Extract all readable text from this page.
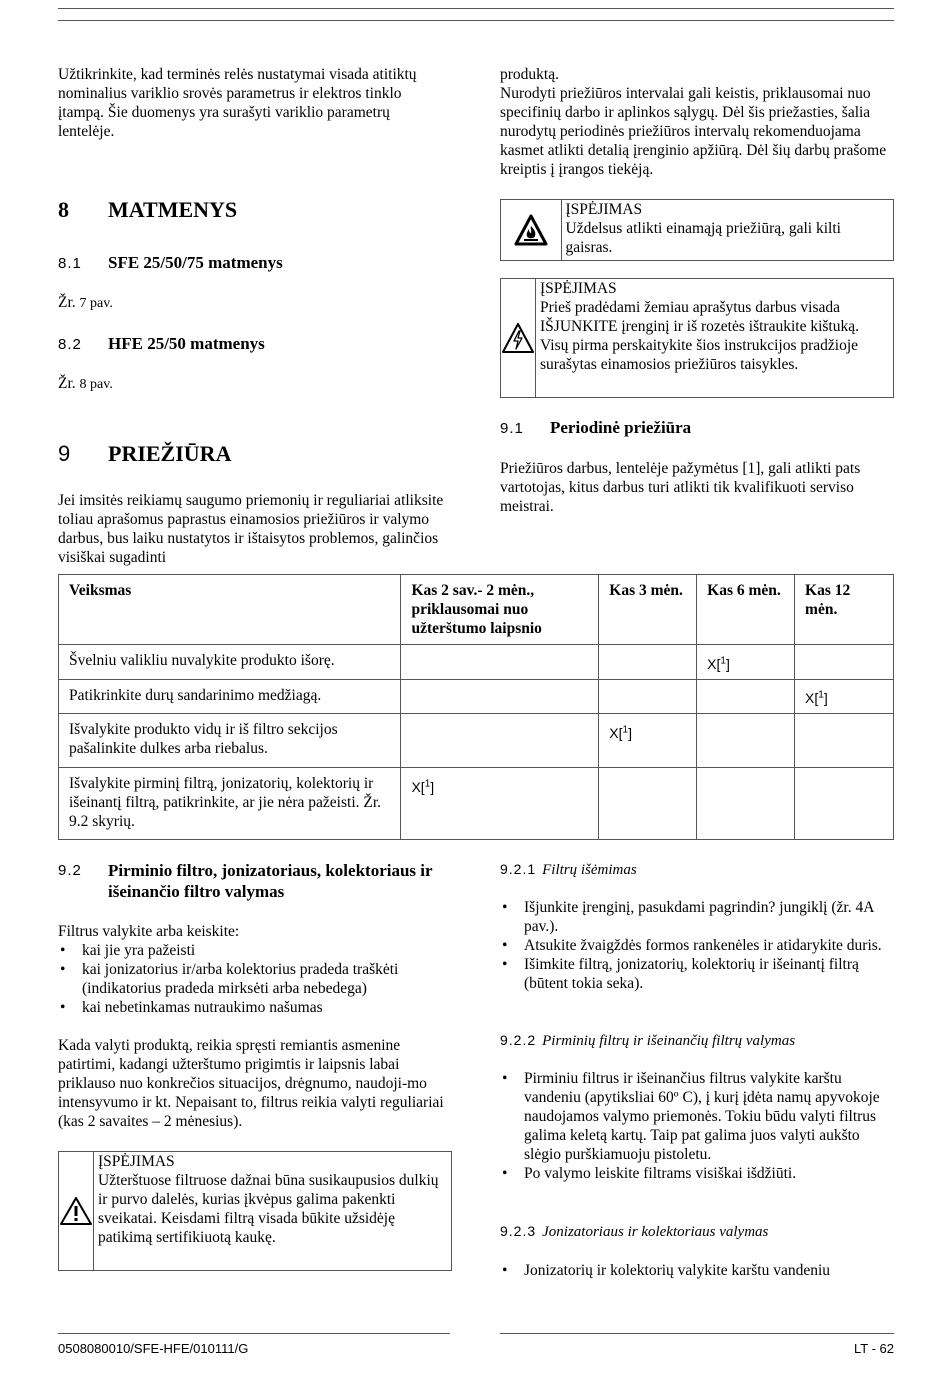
Užtikrinkite, kad terminės relės nustatymai visada atitiktų nominalius variklio srovės parametrus ir elektros tinklo įtampą. Šie duomenys yra surašyti variklio parametrų lentelėje.

8 MATMENYS
8.1 SFE 25/50/75 matmenys

Žr. 7 pav.

8.2 HFE 25/50 matmenys

Žr. 8 pav.

9 PRIEŽIŪRA

Jei imsitės reikiamų saugumo priemonių ir reguliariai atliksite toliau aprašomus paprastus einamosios priežiūros ir valymo darbus, bus laiku nustatytos ir ištaisytos problemos, galinčios visiškai sugadinti

produktą.
Nurodyti priežiūros intervalai gali keistis, priklausomai nuo specifinių darbo ir aplinkos sąlygų. Dėl šis priežasties, šalia nurodytų periodinės priežiūros intervalų rekomenduojama kasmet atlikti detalią įrenginio apžiūrą. Dėl šių darbų prašome kreiptis į įrangos tiekėją.

ĮSPĖJIMAS
Uždelsus atlikti einamąją priežiūrą, gali kilti gaisras.
ĮSPĖJIMAS
Prieš pradėdami žemiau aprašytus darbus visada IŠJUNKITE įrenginį ir iš rozetės ištraukite kištuką. Visų pirma perskaitykite šios instrukcijos pradžioje surašytas einamosios priežiūros taisykles.
9.1 Periodinė priežiūra

Priežiūros darbus, lentelėje pažymėtus [1], gali atlikti pats vartotojas, kitus darbus turi atlikti tik kvalifikuoti serviso meistrai.

Veiksmas	Kas 2 sav.- 2 mėn., priklausomai nuo užterštumo laipsnio	Kas 3 mėn.	Kas 6 mėn.	Kas 12 mėn.
Švelniu valikliu nuvalykite produkto išorę.			X[$^1$]	
Patikrinkite durų sandarinimo medžiagą.				X[$^1$]
Išvalykite produkto vidų ir iš filtro sekcijos pašalinkite dulkes arba riebalus.		X[$^1$]		
Išvalykite pirminį filtrą, jonizatorių, kolektorių ir išeinantį filtrą, patikrinkite, ar jie nėra pažeisti. Žr. 9.2 skyrių.	X[$^1$]			
9.2	Pirminio filtro, jonizatoriaus, kolektoriaus ir išeinančio filtro valymas

Filtrus valykite arba keiskite:

• kai jie yra pažeisti
• kai jonizatorius ir/arba kolektorius pradeda traškėti (indikatorius pradeda mirksėti arba nebedega)
• kai nebetinkamas nutraukimo našumas

Kada valyti produktą, reikia spręsti remiantis asmenine patirtimi, kadangi užterštumo prigimtis ir laipsnis labai priklauso nuo konkrečios situacijos, drėgnumo, naudoji-mo intensyvumo ir kt. Nepaisant to, filtrus reikia valyti reguliariai (kas 2 savaites – 2 mėnesius).

ĮSPĖJIMAS
Užterštuose filtruose dažnai būna susikaupusios dulkių ir purvo dalelės, kurias įkvėpus galima pakenkti sveikatai. Keisdami filtrą visada būkite užsidėję patikimą sertifikiuotą kaukę.
9.2.1 Filtrų išėmimas
• Išjunkite įrenginį, pasukdami pagrindin? jungiklį (žr. 4A pav.).
• Atsukite žvaigždės formos rankenėles ir atidarykite duris.
• Išimkite filtrą, jonizatorių, kolektorių ir išeinantį filtrą (būtent tokia seka).
9.2.2 Pirminių filtrų ir išeinančių filtrų valymas
• Pirminiu filtrus ir išeinančius filtrus valykite karštu vandeniu (apytiksliai 60º C), į kurį įdėta namų apyvokoje naudojamos valymo priemonės. Tokiu būdu valyti filtrus galima keletą kartų. Taip pat galima juos valyti aukšto slėgio purškiamuoju pistoletu.
• Po valymo leiskite filtrams visiškai išdžiūti.
9.2.3 Jonizatoriaus ir kolektoriaus valymas
• Jonizatorių ir kolektorių valykite karštu vandeniu
0508080010/SFE-HFE/010111/G	LT - 62
